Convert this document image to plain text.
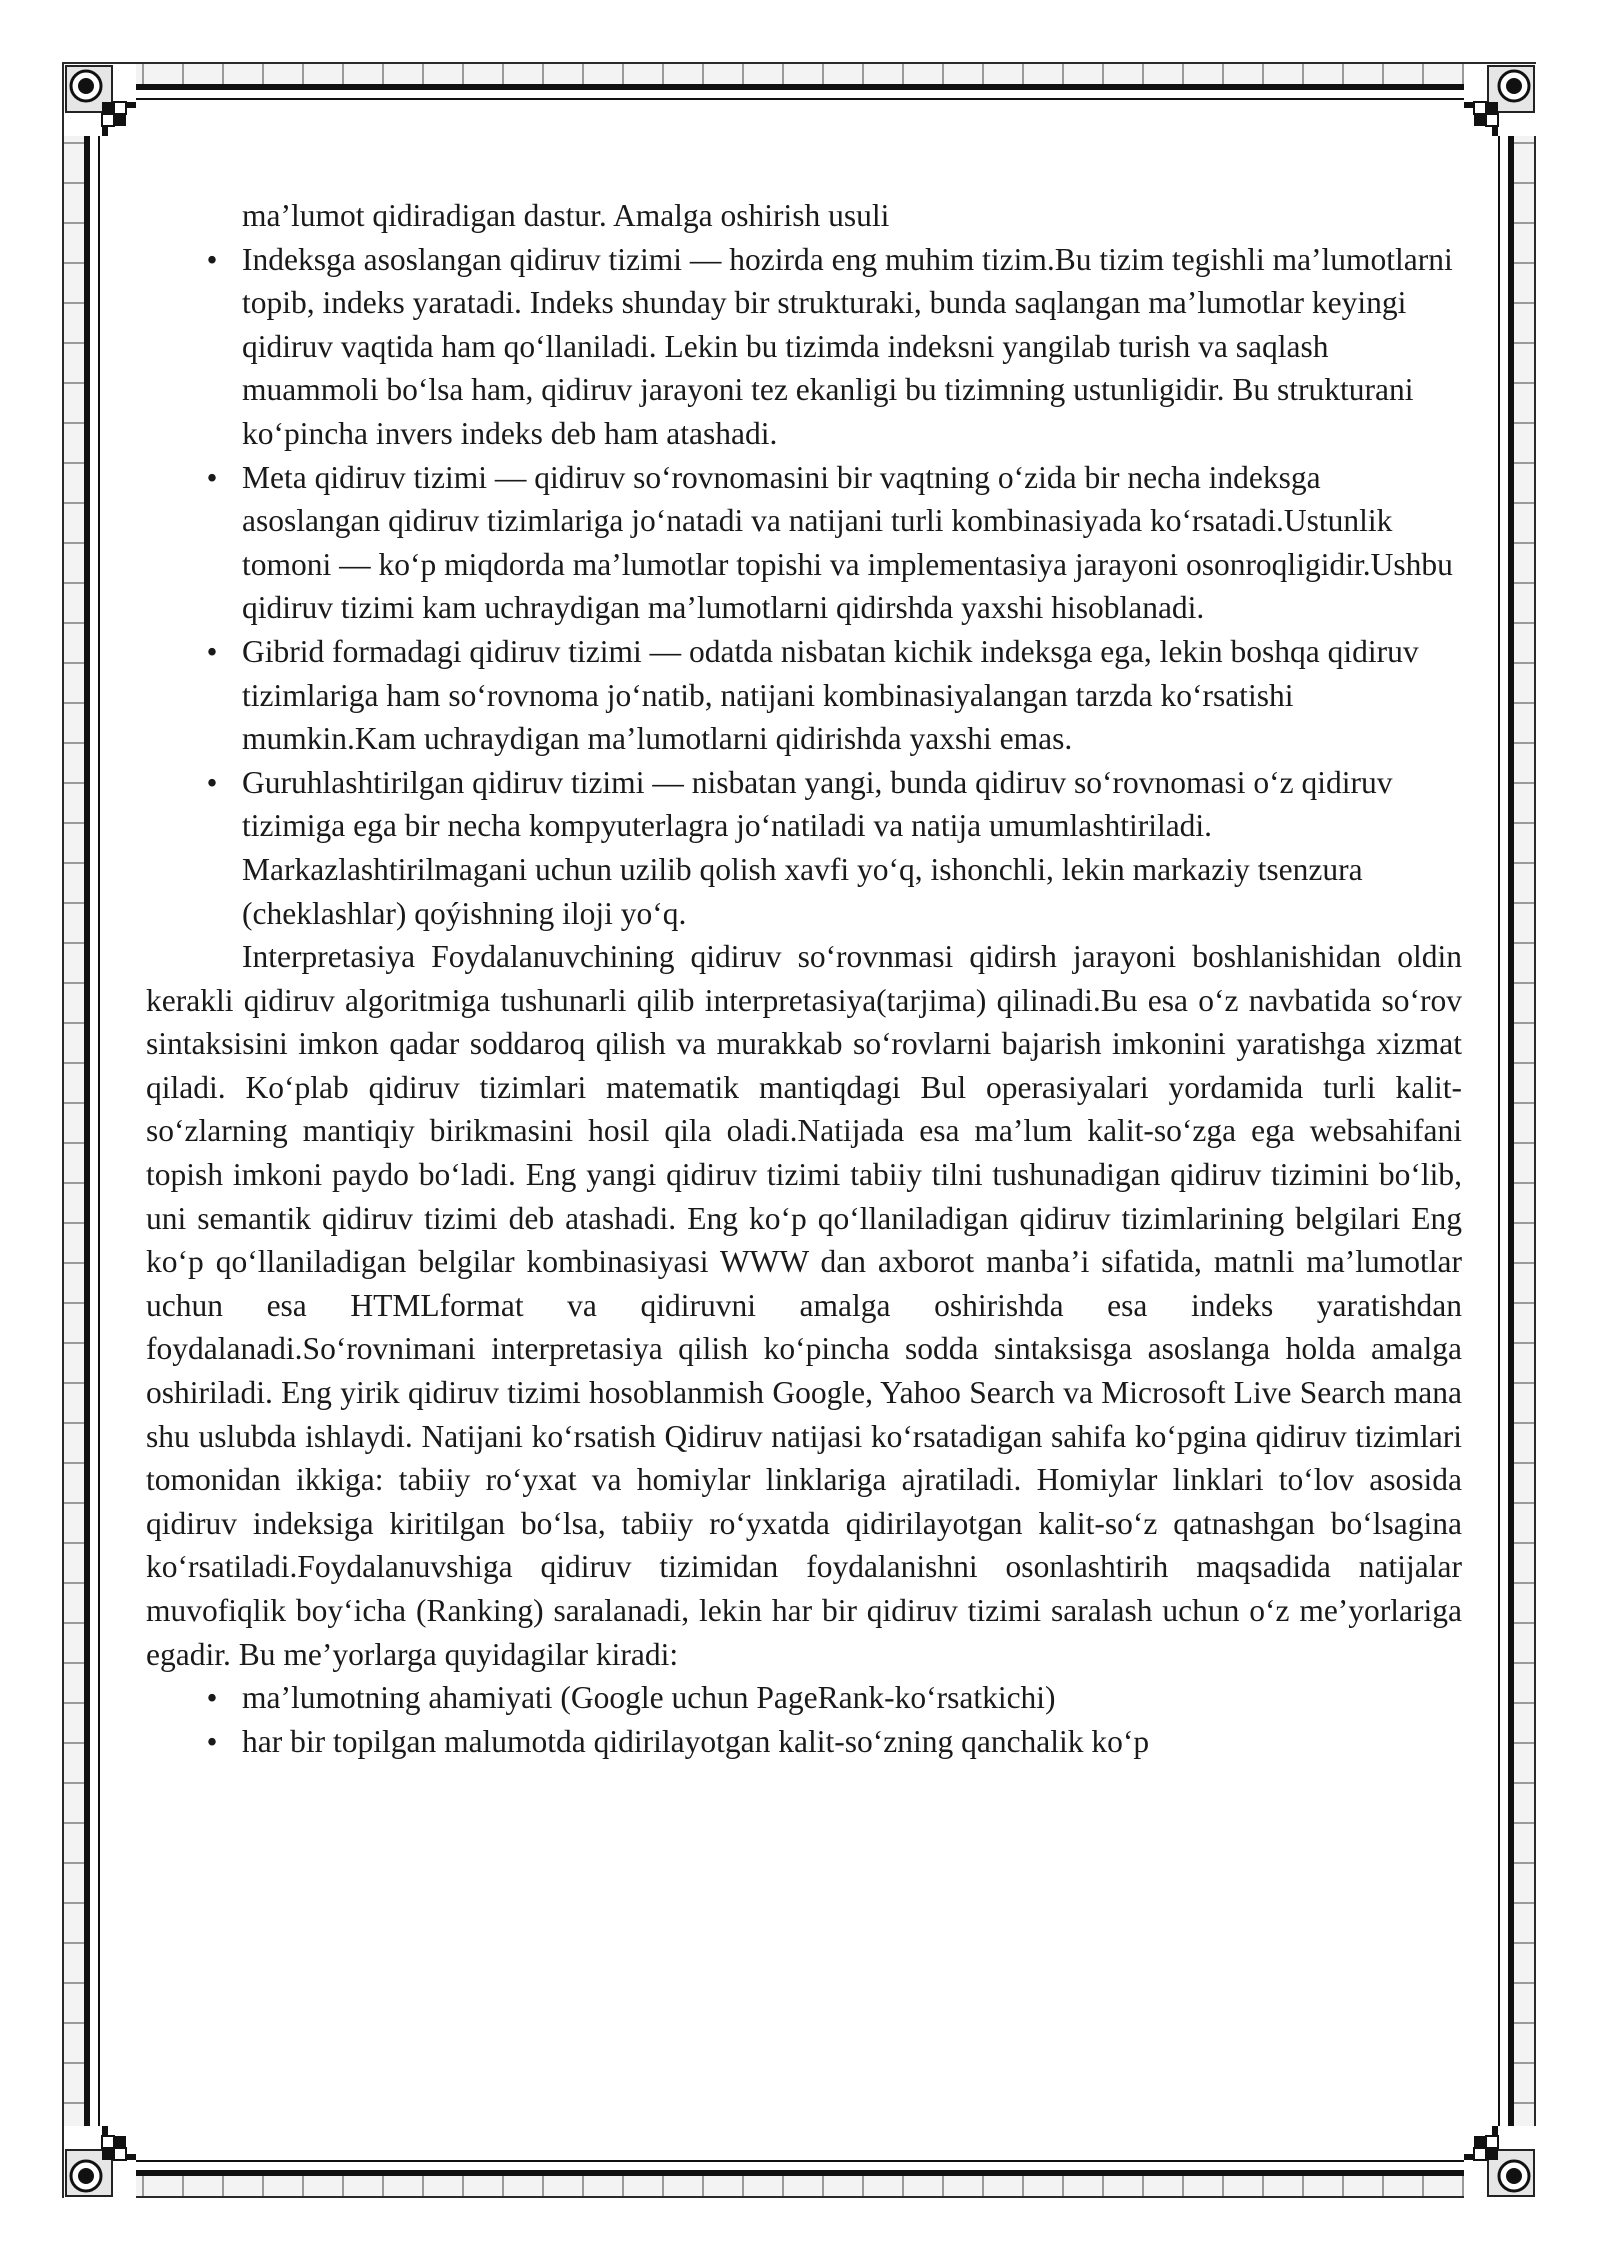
ma’lumot qidiradigan dastur. Amalga oshirish usuli

• Indeksga asoslangan qidiruv tizimi — hozirda eng muhim tizim.Bu tizim tegishli ma’lumotlarni topib, indeks yaratadi. Indeks shunday bir strukturaki, bunda saqlangan ma’lumotlar keyingi qidiruv vaqtida ham qo‘llaniladi. Lekin bu tizimda indeksni yangilab turish va saqlash muammoli bo‘lsa ham, qidiruv jarayoni tez ekanligi bu tizimning ustunligidir. Bu strukturani ko‘pincha invers indeks deb ham atashadi.
• Meta qidiruv tizimi — qidiruv so‘rovnomasini bir vaqtning o‘zida bir necha indeksga asoslangan qidiruv tizimlariga jo‘natadi va natijani turli kombinasiyada ko‘rsatadi.Ustunlik tomoni — ko‘p miqdorda ma’lumotlar topishi va implementasiya jarayoni osonroqligidir.Ushbu qidiruv tizimi kam uchraydigan ma’lumotlarni qidirshda yaxshi hisoblanadi.
• Gibrid formadagi qidiruv tizimi — odatda nisbatan kichik indeksga ega, lekin boshqa qidiruv tizimlariga ham so‘rovnoma jo‘natib, natijani kombinasiyalangan tarzda ko‘rsatishi mumkin.Kam uchraydigan ma’lumotlarni qidirishda yaxshi emas.
• Guruhlashtirilgan qidiruv tizimi — nisbatan yangi, bunda qidiruv so‘rovnomasi o‘z qidiruv tizimiga ega bir necha kompyuterlagra jo‘natiladi va natija umumlashtiriladi. Markazlashtirilmagani uchun uzilib qolish xavfi yo‘q, ishonchli, lekin markaziy tsenzura (cheklashlar) qoýishning iloji yo‘q.

Interpretasiya Foydalanuvchining qidiruv so‘rovnmasi qidirsh jarayoni boshlanishidan oldin kerakli qidiruv algoritmiga tushunarli qilib interpretasiya(tarjima) qilinadi.Bu esa o‘z navbatida so‘rov sintaksisini imkon qadar soddaroq qilish va murakkab so‘rovlarni bajarish imkonini yaratishga xizmat qiladi. Ko‘plab qidiruv tizimlari matematik mantiqdagi Bul operasiyalari yordamida turli kalit-so‘zlarning mantiqiy birikmasini hosil qila oladi.Natijada esa ma’lum kalit-so‘zga ega websahifani topish imkoni paydo bo‘ladi. Eng yangi qidiruv tizimi tabiiy tilni tushunadigan qidiruv tizimini bo‘lib, uni semantik qidiruv tizimi deb atashadi. Eng ko‘p qo‘llaniladigan qidiruv tizimlarining belgilari Eng ko‘p qo‘llaniladigan belgilar kombinasiyasi WWW dan axborot manba’i sifatida, matnli ma’lumotlar uchun esa HTMLformat va qidiruvni amalga oshirishda esa indeks yaratishdan foydalanadi.So‘rovnimani interpretasiya qilish ko‘pincha sodda sintaksisga asoslanga holda amalga oshiriladi. Eng yirik qidiruv tizimi hosoblanmish Google, Yahoo Search va Microsoft Live Search mana shu uslubda ishlaydi. Natijani ko‘rsatish Qidiruv natijasi ko‘rsatadigan sahifa ko‘pgina qidiruv tizimlari tomonidan ikkiga: tabiiy ro‘yxat va homiylar linklariga ajratiladi. Homiylar linklari to‘lov asosida qidiruv indeksiga kiritilgan bo‘lsa, tabiiy ro‘yxatda qidirilayotgan kalit-so‘z qatnashgan bo‘lsagina ko‘rsatiladi.Foydalanuvshiga qidiruv tizimidan foydalanishni osonlashtirih maqsadida natijalar muvofiqlik boy‘icha (Ranking) saralanadi, lekin har bir qidiruv tizimi saralash uchun o‘z me’yorlariga egadir. Bu me’yorlarga quyidagilar kiradi:

• ma’lumotning ahamiyati (Google uchun PageRank-ko‘rsatkichi)
• har bir topilgan malumotda qidirilayotgan kalit-so‘zning qanchalik ko‘p
